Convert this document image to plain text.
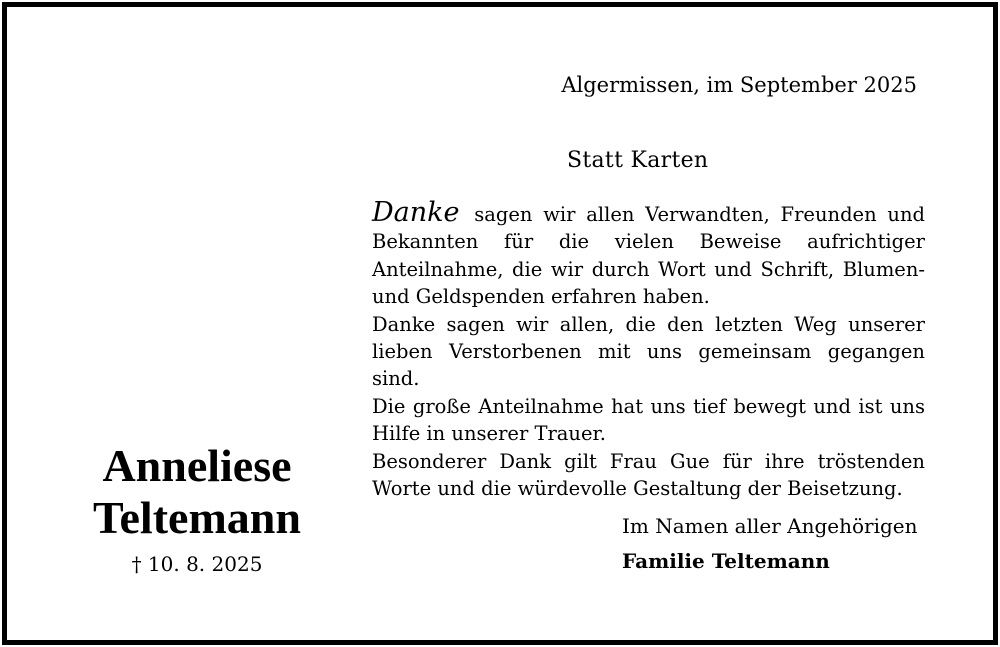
Algermissen, im September 2025
Statt Karten

Danke sagen wir allen Verwandten, Freunden und Bekannten für die vielen Beweise aufrichtiger Anteilnahme, die wir durch Wort und Schrift, Blumen- und Geldspenden erfahren haben.

Danke sagen wir allen, die den letzten Weg unserer lieben Verstorbenen mit uns gemeinsam gegangen sind.

Die große Anteilnahme hat uns tief bewegt und ist uns Hilfe in unserer Trauer.

Besonderer Dank gilt Frau Gue für ihre tröstenden Worte und die würdevolle Gestaltung der Beisetzung.

Anneliese
Teltemann
† 10. 8. 2025
Im Namen aller Angehörigen
Familie Teltemann
